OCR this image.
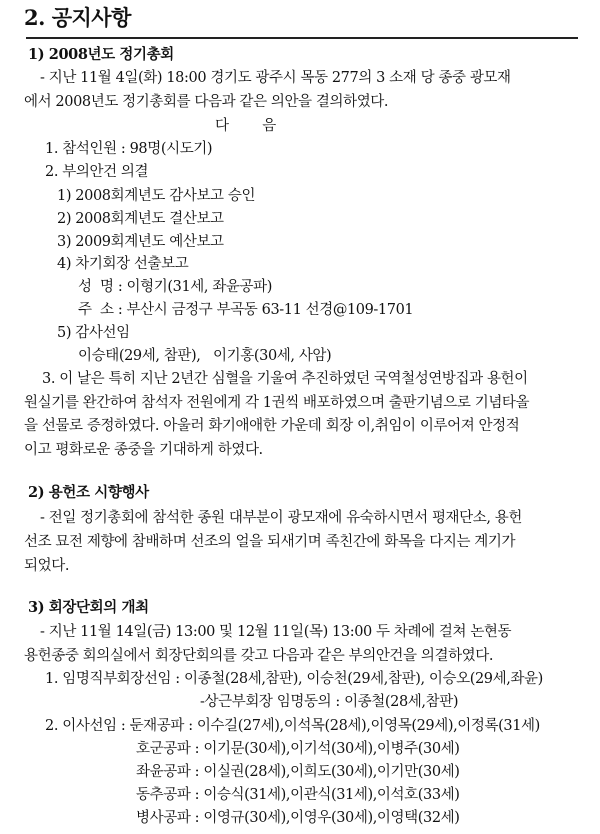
2. 공지사항
1) 2008년도 정기총회
- 지난 11월 4일(화) 18:00 경기도 광주시 목동 277의 3 소재 당 종중 광모재
에서 2008년도 정기총회를 다음과 같은 의안을 결의하였다.
다        음
1. 참석인원 : 98명(시도기)
2. 부의안건 의결
1) 2008회계년도 감사보고 승인
2) 2008회계년도 결산보고
3) 2009회계년도 예산보고
4) 차기회장 선출보고
성  명 : 이형기(31세, 좌윤공파)
주  소 : 부산시 금정구 부곡동 63-11 선경@109-1701
5) 감사선임
이승태(29세, 참판),   이기홍(30세, 사암)
3. 이 날은 특히 지난 2년간 심혈을 기울여 추진하였던 국역철성연방집과 용헌이
원실기를 완간하여 참석자 전원에게 각 1권씩 배포하였으며 출판기념으로 기념타올
을 선물로 증정하였다. 아울러 화기애애한 가운데 회장 이,취임이 이루어져 안정적
이고 평화로운 종중을 기대하게 하였다.
2) 용헌조 시향행사
- 전일 정기총회에 참석한 종원 대부분이 광모재에 유숙하시면서 평재단소, 용헌
선조 묘전 제향에 참배하며 선조의 얼을 되새기며 족친간에 화목을 다지는 계기가
되었다.
3) 회장단회의 개최
- 지난 11월 14일(금) 13:00 및 12월 11일(목) 13:00 두 차례에 걸쳐 논현동
용헌종중 회의실에서 회장단회의를 갖고 다음과 같은 부의안건을 의결하였다.
1. 임명직부회장선임 : 이종철(28세,참판), 이승천(29세,참판), 이승오(29세,좌윤)
-상근부회장 임명동의 : 이종철(28세,참판)
2. 이사선임 : 둔재공파 : 이수길(27세),이석목(28세),이영목(29세),이정록(31세)
호군공파 : 이기문(30세),이기석(30세),이병주(30세)
좌윤공파 : 이실권(28세),이희도(30세),이기만(30세)
동추공파 : 이승식(31세),이관식(31세),이석호(33세)
병사공파 : 이영규(30세),이영우(30세),이영택(32세)
